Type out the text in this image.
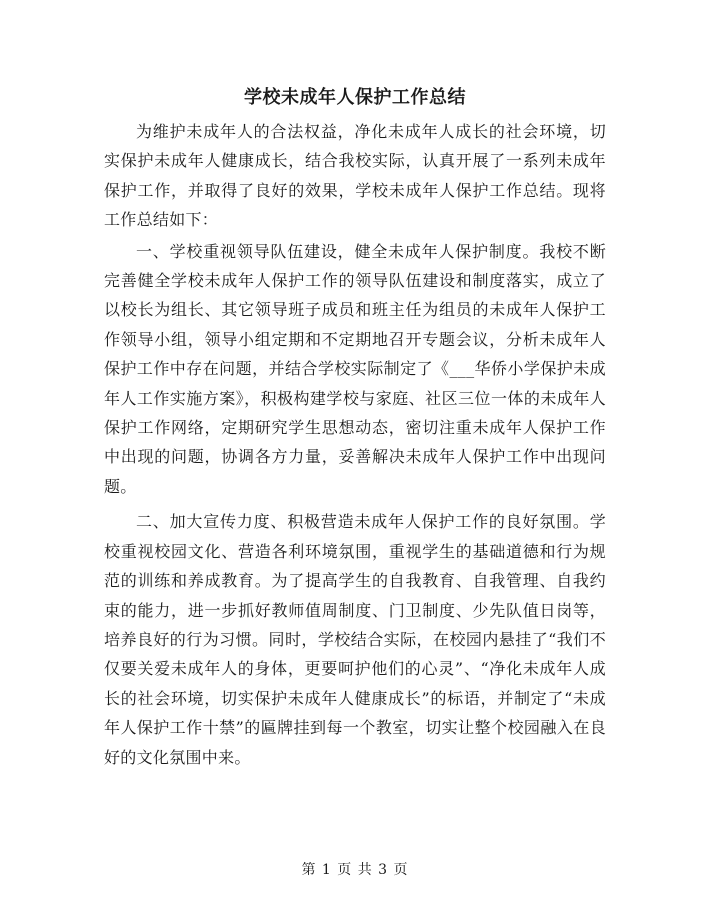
学校未成年人保护工作总结

为维护未成年人的合法权益，净化未成年人成长的社会环境，切实保护未成年人健康成长，结合我校实际，认真开展了一系列未成年保护工作，并取得了良好的效果，学校未成年人保护工作总结。现将工作总结如下：

一、学校重视领导队伍建设，健全未成年人保护制度。我校不断完善健全学校未成年人保护工作的领导队伍建设和制度落实，成立了以校长为组长、其它领导班子成员和班主任为组员的未成年人保护工作领导小组，领导小组定期和不定期地召开专题会议，分析未成年人保护工作中存在问题，并结合学校实际制定了《___华侨小学保护未成年人工作实施方案》，积极构建学校与家庭、社区三位一体的未成年人保护工作网络，定期研究学生思想动态，密切注重未成年人保护工作中出现的问题，协调各方力量，妥善解决未成年人保护工作中出现问题。

二、加大宣传力度、积极营造未成年人保护工作的良好氛围。学校重视校园文化、营造各利环境氛围，重视学生的基础道德和行为规范的训练和养成教育。为了提高学生的自我教育、自我管理、自我约束的能力，进一步抓好教师值周制度、门卫制度、少先队值日岗等，培养良好的行为习惯。同时，学校结合实际，在校园内悬挂了“我们不仅要关爱未成年人的身体，更要呵护他们的心灵”、“净化未成年人成长的社会环境，切实保护未成年人健康成长”的标语，并制定了“未成年人保护工作十禁”的匾牌挂到每一个教室，切实让整个校园融入在良好的文化氛围中来。

第 1 页 共 3 页
